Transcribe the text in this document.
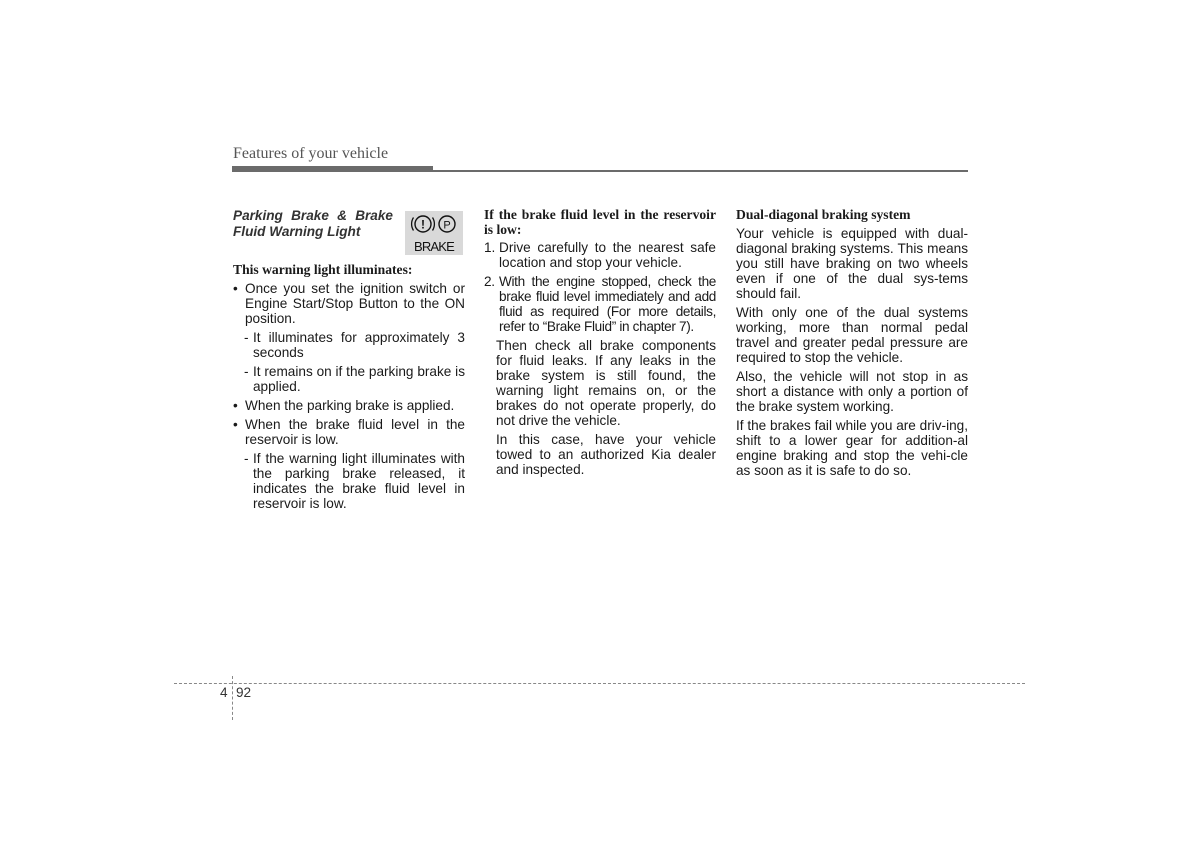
Features of your vehicle
Parking Brake & Brake Fluid Warning Light	! P
BRAKE
This warning light illuminates:
• Once you set the ignition switch or Engine Start/Stop Button to the ON position.
- It illuminates for approximately 3 seconds
- It remains on if the parking brake is applied.
• When the parking brake is applied.
• When the brake fluid level in the reservoir is low.
- If the warning light illuminates with the parking brake released, it indicates the brake fluid level in reservoir is low.
If the brake fluid level in the reservoir is low:
1. Drive carefully to the nearest safe location and stop your vehicle.
2. With the engine stopped, check the brake fluid level immediately and add fluid as required (For more details, refer to “Brake Fluid” in chapter 7).

Then check all brake components for fluid leaks. If any leaks in the brake system is still found, the warning light remains on, or the brakes do not operate properly, do not drive the vehicle.

In this case, have your vehicle towed to an authorized Kia dealer and inspected.

Dual-diagonal braking system

Your vehicle is equipped with dual-diagonal braking systems. This means you still have braking on two wheels even if one of the dual sys-tems should fail.

With only one of the dual systems working, more than normal pedal travel and greater pedal pressure are required to stop the vehicle.

Also, the vehicle will not stop in as short a distance with only a portion of the brake system working.

If the brakes fail while you are driv-ing, shift to a lower gear for addition-al engine braking and stop the vehi-cle as soon as it is safe to do so.

4 92
